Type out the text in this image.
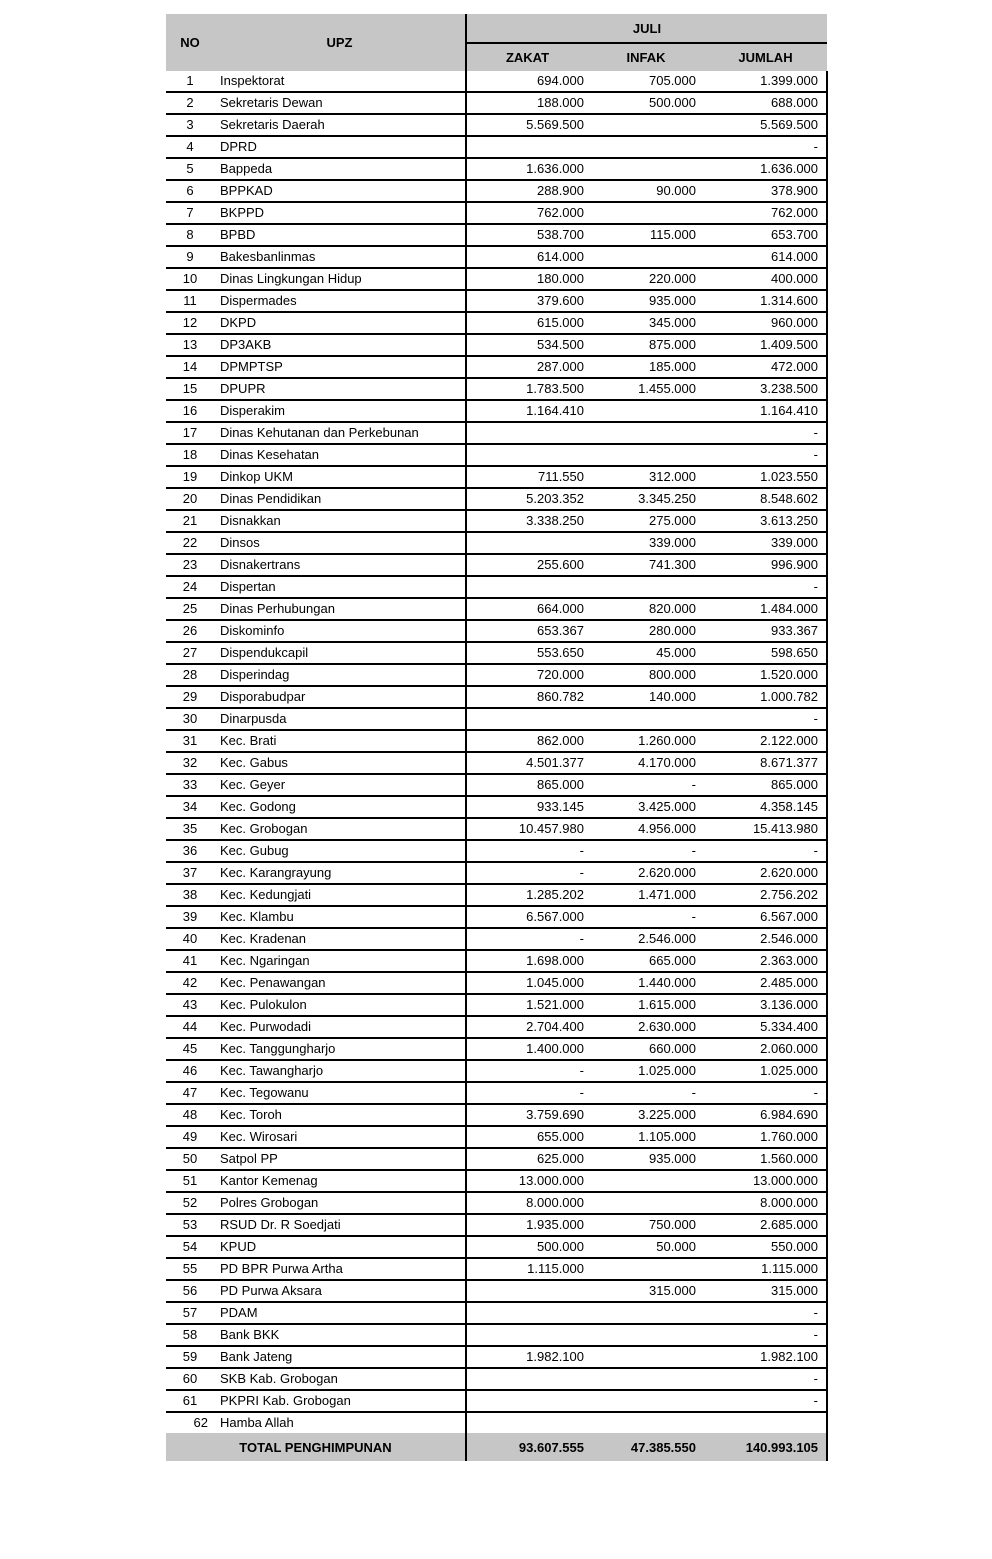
NO	UPZ	JULI		
		ZAKAT	INFAK	JUMLAH
1	Inspektorat	694.000	705.000	1.399.000
2	Sekretaris Dewan	188.000	500.000	688.000
3	Sekretaris Daerah	5.569.500		5.569.500
4	DPRD			-
5	Bappeda	1.636.000		1.636.000
6	BPPKAD	288.900	90.000	378.900
7	BKPPD	762.000		762.000
8	BPBD	538.700	115.000	653.700
9	Bakesbanlinmas	614.000		614.000
10	Dinas Lingkungan Hidup	180.000	220.000	400.000
11	Dispermades	379.600	935.000	1.314.600
12	DKPD	615.000	345.000	960.000
13	DP3AKB	534.500	875.000	1.409.500
14	DPMPTSP	287.000	185.000	472.000
15	DPUPR	1.783.500	1.455.000	3.238.500
16	Disperakim	1.164.410		1.164.410
17	Dinas Kehutanan dan Perkebunan			-
18	Dinas Kesehatan			-
19	Dinkop UKM	711.550	312.000	1.023.550
20	Dinas Pendidikan	5.203.352	3.345.250	8.548.602
21	Disnakkan	3.338.250	275.000	3.613.250
22	Dinsos		339.000	339.000
23	Disnakertrans	255.600	741.300	996.900
24	Dispertan			-
25	Dinas Perhubungan	664.000	820.000	1.484.000
26	Diskominfo	653.367	280.000	933.367
27	Dispendukcapil	553.650	45.000	598.650
28	Disperindag	720.000	800.000	1.520.000
29	Disporabudpar	860.782	140.000	1.000.782
30	Dinarpusda			-
31	Kec. Brati	862.000	1.260.000	2.122.000
32	Kec. Gabus	4.501.377	4.170.000	8.671.377
33	Kec. Geyer	865.000	-	865.000
34	Kec. Godong	933.145	3.425.000	4.358.145
35	Kec. Grobogan	10.457.980	4.956.000	15.413.980
36	Kec. Gubug	-	-	-
37	Kec. Karangrayung	-	2.620.000	2.620.000
38	Kec. Kedungjati	1.285.202	1.471.000	2.756.202
39	Kec. Klambu	6.567.000	-	6.567.000
40	Kec. Kradenan	-	2.546.000	2.546.000
41	Kec. Ngaringan	1.698.000	665.000	2.363.000
42	Kec. Penawangan	1.045.000	1.440.000	2.485.000
43	Kec. Pulokulon	1.521.000	1.615.000	3.136.000
44	Kec. Purwodadi	2.704.400	2.630.000	5.334.400
45	Kec. Tanggungharjo	1.400.000	660.000	2.060.000
46	Kec. Tawangharjo	-	1.025.000	1.025.000
47	Kec. Tegowanu	-	-	-
48	Kec. Toroh	3.759.690	3.225.000	6.984.690
49	Kec. Wirosari	655.000	1.105.000	1.760.000
50	Satpol PP	625.000	935.000	1.560.000
51	Kantor Kemenag	13.000.000		13.000.000
52	Polres Grobogan	8.000.000		8.000.000
53	RSUD Dr. R Soedjati	1.935.000	750.000	2.685.000
54	KPUD	500.000	50.000	550.000
55	PD BPR Purwa Artha	1.115.000		1.115.000
56	PD Purwa Aksara		315.000	315.000
57	PDAM			-
58	Bank BKK			-
59	Bank Jateng	1.982.100		1.982.100
60	SKB Kab. Grobogan			-
61	PKPRI Kab. Grobogan			-
62	Hamba Allah			
TOTAL PENGHIMPUNAN		93.607.555	47.385.550	140.993.105
